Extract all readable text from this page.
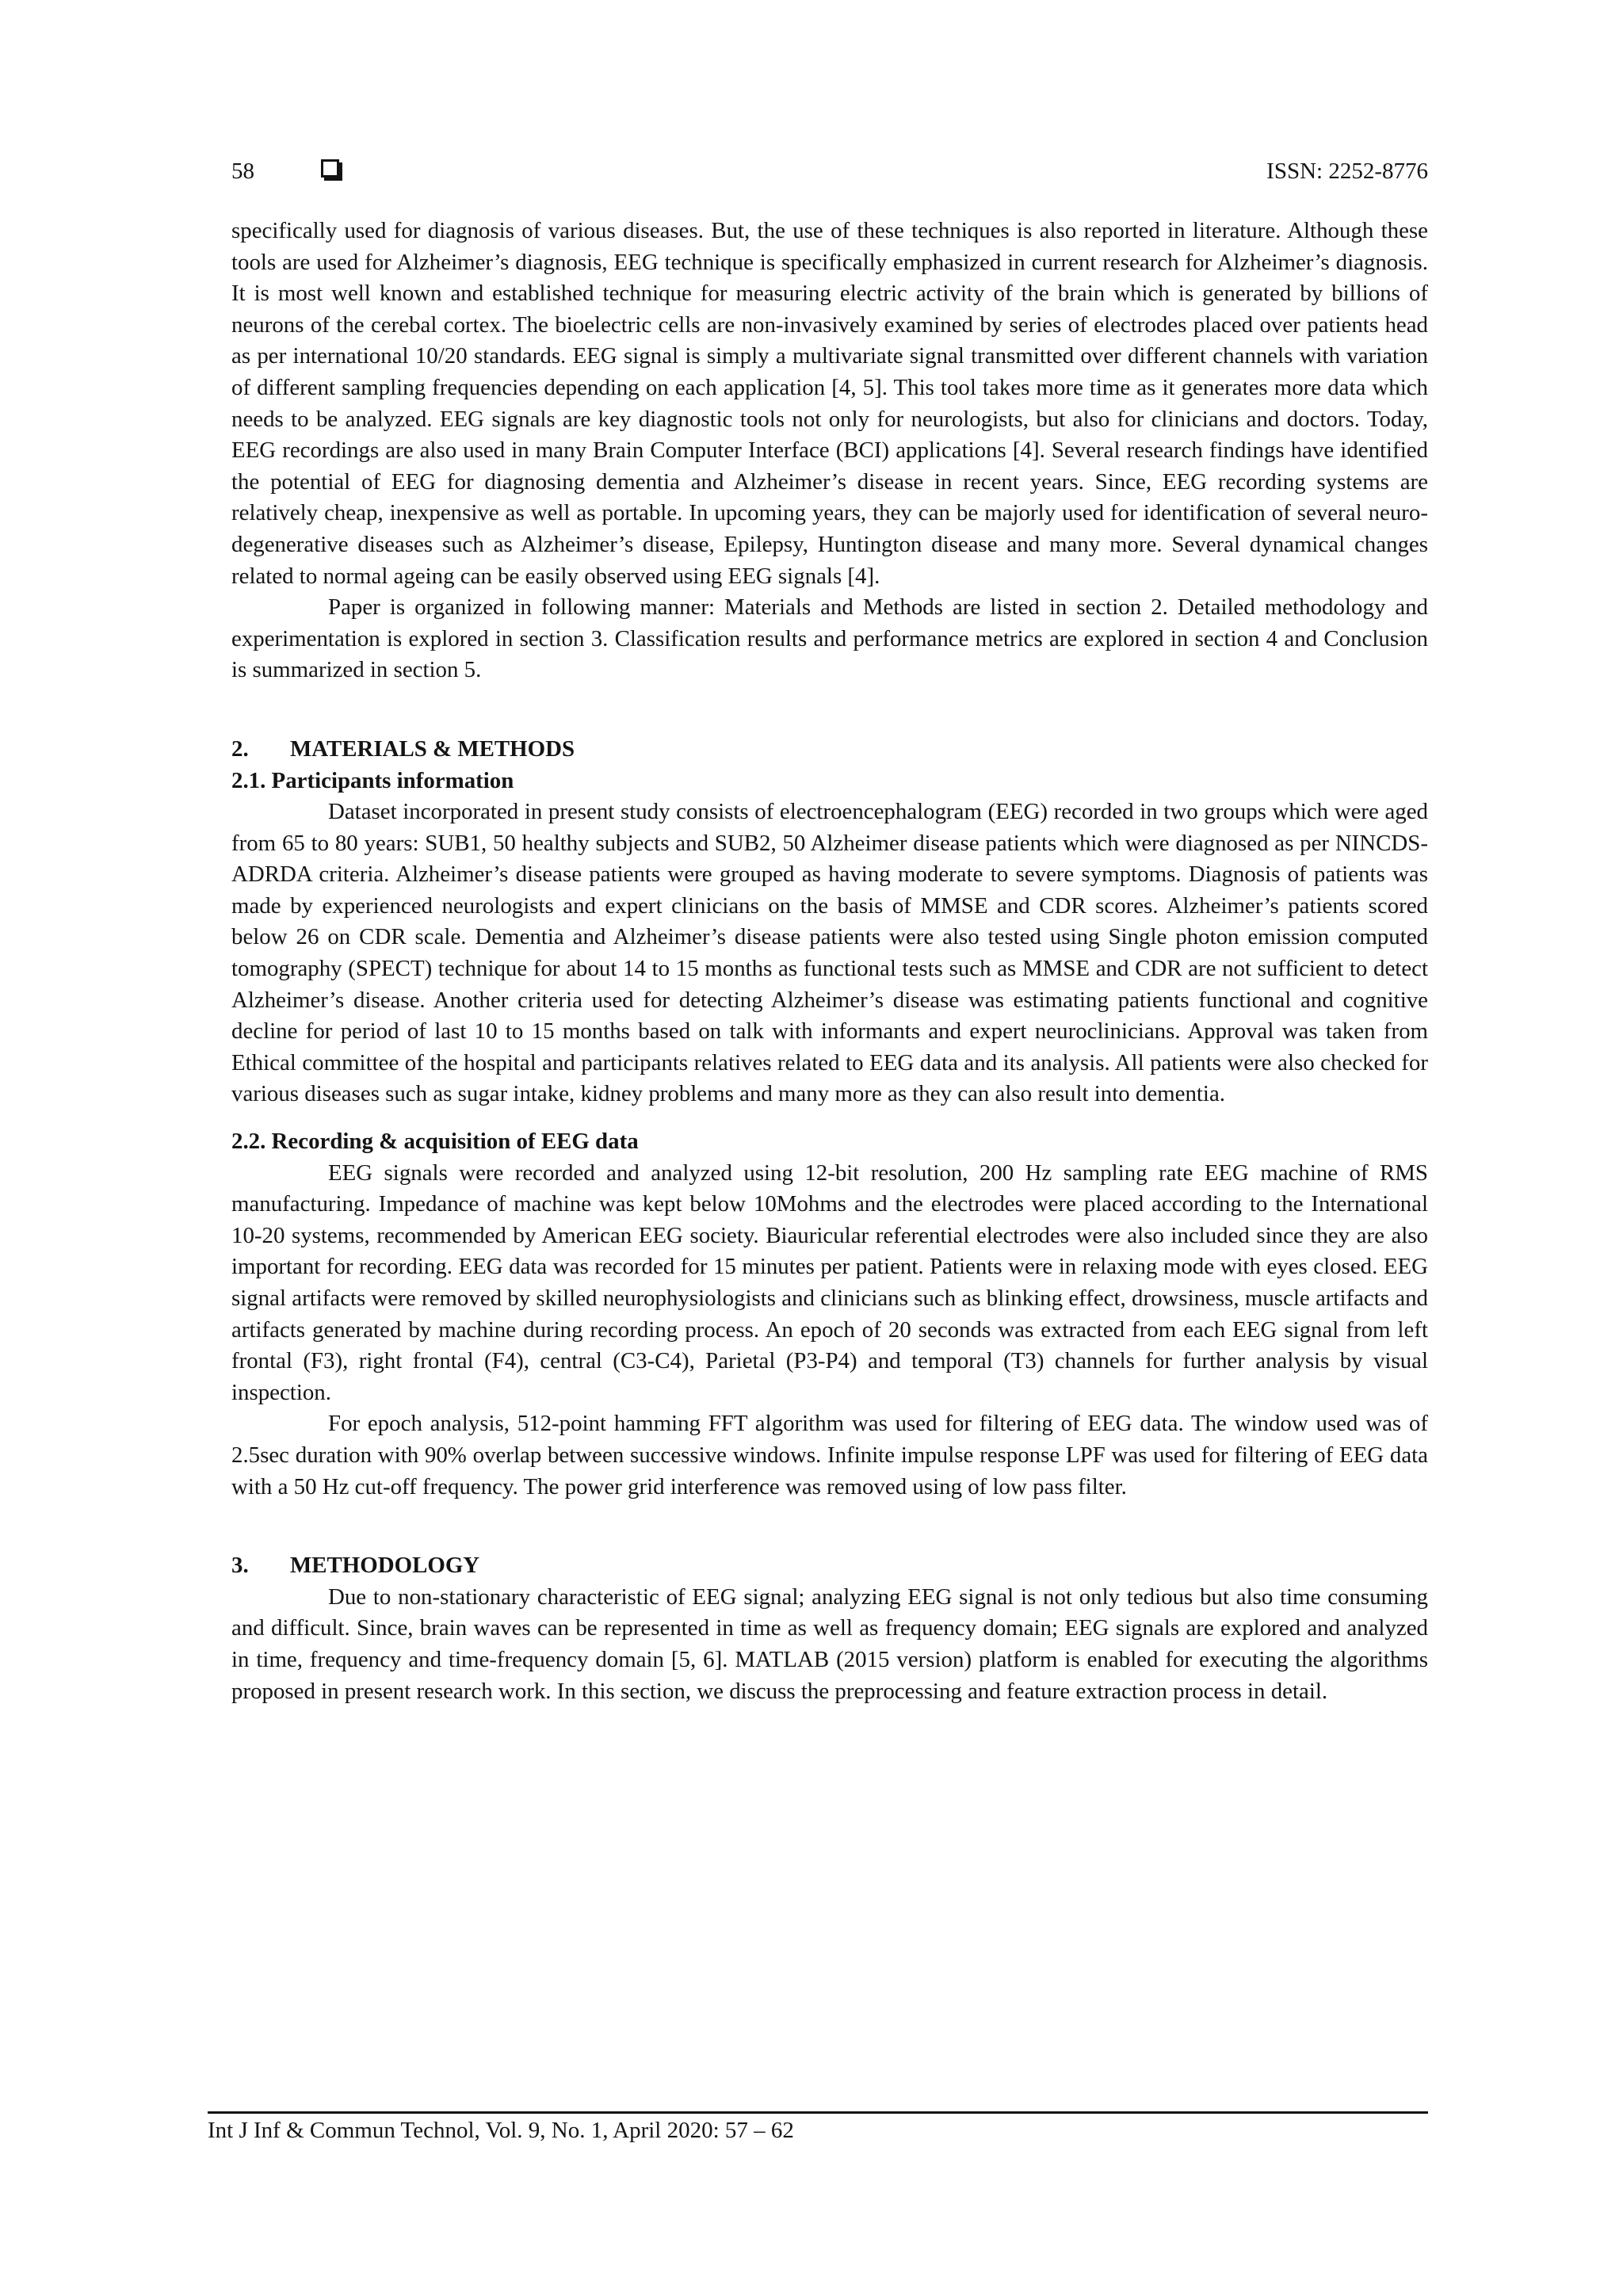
58	ISSN: 2252-8776

specifically used for diagnosis of various diseases. But, the use of these techniques is also reported in literature. Although these tools are used for Alzheimer’s diagnosis, EEG technique is specifically emphasized in current research for Alzheimer’s diagnosis. It is most well known and established technique for measuring electric activity of the brain which is generated by billions of neurons of the cerebal cortex. The bioelectric cells are non-invasively examined by series of electrodes placed over patients head as per international 10/20 standards. EEG signal is simply a multivariate signal transmitted over different channels with variation of different sampling frequencies depending on each application [4, 5]. This tool takes more time as it generates more data which needs to be analyzed. EEG signals are key diagnostic tools not only for neurologists, but also for clinicians and doctors. Today, EEG recordings are also used in many Brain Computer Interface (BCI) applications [4]. Several research findings have identified the potential of EEG for diagnosing dementia and Alzheimer’s disease in recent years. Since, EEG recording systems are relatively cheap, inexpensive as well as portable. In upcoming years, they can be majorly used for identification of several neuro-degenerative diseases such as Alzheimer’s disease, Epilepsy, Huntington disease and many more. Several dynamical changes related to normal ageing can be easily observed using EEG signals [4].

Paper is organized in following manner: Materials and Methods are listed in section 2. Detailed methodology and experimentation is explored in section 3. Classification results and performance metrics are explored in section 4 and Conclusion is summarized in section 5.

2. MATERIALS & METHODS

2.1. Participants information

Dataset incorporated in present study consists of electroencephalogram (EEG) recorded in two groups which were aged from 65 to 80 years: SUB1, 50 healthy subjects and SUB2, 50 Alzheimer disease patients which were diagnosed as per NINCDS-ADRDA criteria. Alzheimer’s disease patients were grouped as having moderate to severe symptoms. Diagnosis of patients was made by experienced neurologists and expert clinicians on the basis of MMSE and CDR scores. Alzheimer’s patients scored below 26 on CDR scale. Dementia and Alzheimer’s disease patients were also tested using Single photon emission computed tomography (SPECT) technique for about 14 to 15 months as functional tests such as MMSE and CDR are not sufficient to detect Alzheimer’s disease. Another criteria used for detecting Alzheimer’s disease was estimating patients functional and cognitive decline for period of last 10 to 15 months based on talk with informants and expert neuroclinicians. Approval was taken from Ethical committee of the hospital and participants relatives related to EEG data and its analysis. All patients were also checked for various diseases such as sugar intake, kidney problems and many more as they can also result into dementia.

2.2. Recording & acquisition of EEG data

EEG signals were recorded and analyzed using 12-bit resolution, 200 Hz sampling rate EEG machine of RMS manufacturing. Impedance of machine was kept below 10Mohms and the electrodes were placed according to the International 10-20 systems, recommended by American EEG society. Biauricular referential electrodes were also included since they are also important for recording. EEG data was recorded for 15 minutes per patient. Patients were in relaxing mode with eyes closed. EEG signal artifacts were removed by skilled neurophysiologists and clinicians such as blinking effect, drowsiness, muscle artifacts and artifacts generated by machine during recording process. An epoch of 20 seconds was extracted from each EEG signal from left frontal (F3), right frontal (F4), central (C3-C4), Parietal (P3-P4) and temporal (T3) channels for further analysis by visual inspection.

For epoch analysis, 512-point hamming FFT algorithm was used for filtering of EEG data. The window used was of 2.5sec duration with 90% overlap between successive windows. Infinite impulse response LPF was used for filtering of EEG data with a 50 Hz cut-off frequency. The power grid interference was removed using of low pass filter.

3. METHODOLOGY

Due to non-stationary characteristic of EEG signal; analyzing EEG signal is not only tedious but also time consuming and difficult. Since, brain waves can be represented in time as well as frequency domain; EEG signals are explored and analyzed in time, frequency and time-frequency domain [5, 6]. MATLAB (2015 version) platform is enabled for executing the algorithms proposed in present research work. In this section, we discuss the preprocessing and feature extraction process in detail.

Int J Inf & Commun Technol, Vol. 9, No. 1, April 2020: 57 – 62
